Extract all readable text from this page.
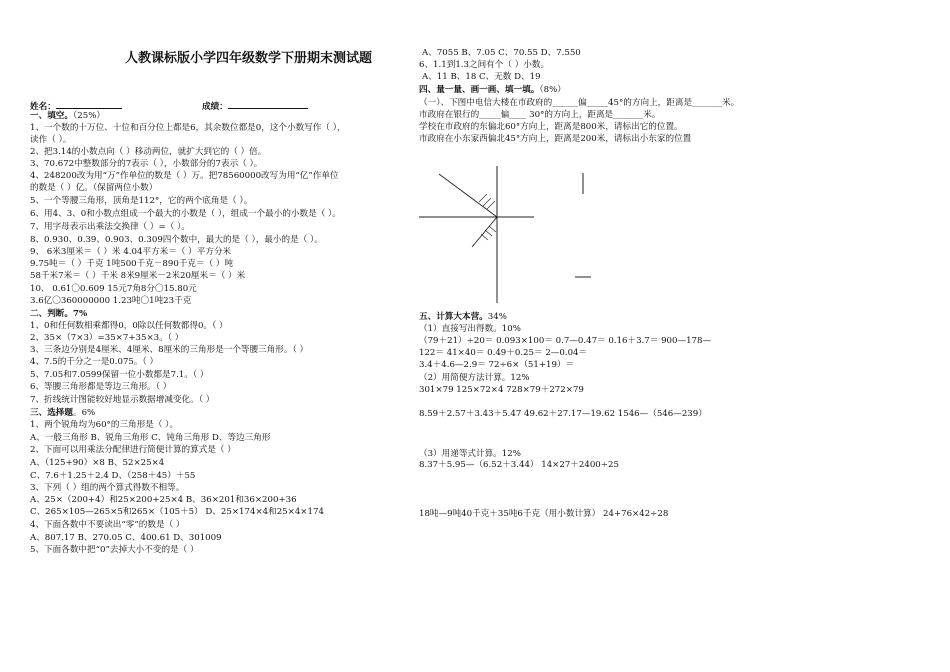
人教课标版小学四年级数学下册期末测试题
姓名：	成绩：
一、填空。（25%）
1、一个数的十万位、十位和百分位上都是6，其余数位都是0，这个小数写作（ ），
读作（ ）。
2、把3.14的小数点向（ ）移动两位，就扩大到它的（ ）倍。
3、70.672中整数部分的7表示（ ），小数部分的7表示（ ）。
4、248200改为用“万”作单位的数是（ ）万。把78560000改写为用“亿”作单位
的数是（ ）亿。（保留两位小数）
5、一个等腰三角形，顶角是112°，它的两个底角是（ ）。
6、用4、3、0和小数点组成一个最大的小数是（ ），组成一个最小的小数是（ ）。
7、用字母表示出乘法交换律（ ）=（ ）。
8、0.930、0.39、0.903、0.309四个数中，最大的是（ ），最小的是（ ）。
9、 6米3厘米＝（ ）米 4.04平方米＝（ ）平方分米
9.75吨＝（ ）千克 1吨500千克－890千克＝（ ）吨
58千米7米＝（ ）千米 8米9厘米－2米20厘米＝（ ）米
10、 0.61〇0.609 15元7角8分〇15.80元
3.6亿〇360000000 1.23吨〇1吨23千克
二、判断。7%
1、0和任何数相乘都得0，0除以任何数都得0。（ ）
2、35×（7×3）=35×7+35×3。（ ）
3、三条边分别是4厘米、4厘米、8厘米的三角形是一个等腰三角形。（ ）
4、7.5的千分之一是0.075。（ ）
5、7.05和7.0599保留一位小数都是7.1。（ ）
6、等腰三角形都是等边三角形。（ ）
7、折线统计图能较好地显示数据增减变化。（ ）
三、选择题。6%
1、两个锐角均为60°的三角形是（ ）。
A、一般三角形 B、锐角三角形 C、钝角三角形 D、等边三角形
2、下面可以用乘法分配律进行简便计算的算式是（ ）
A、（125+90）×8 B、52×25×4
C、7.6＋1.25＋2.4 D、（258＋45）＋55
3、下列（ ）组的两个算式得数不相等。
A、25×（200+4）和25×200+25×4 B、36×201和36×200+36
C、265×105—265×5和265×（105＋5） D、25×174×4和25×4×174
4、下面各数中不要读出“零”的数是（ ）
A、807.17 B、270.05 C、400.61 D、301009
5、下面各数中把“0”去掉大小不变的是（ ）
A、7055 B、7.05 C、70.55 D、7.550
6、1.1到1.3之间有个（ ）小数。
A、11 B、18 C、无数 D、19
四、量一量、画一画、填一填。（8%）
（一）、下图中电信大楼在市政府的______偏_____45°的方向上，距离是_______米。
市政府在银行的_____偏____ 30°的方向上，距离是_______米。
学校在市政府的东偏北60°方向上，距离是800米，请标出它的位置。
市政府在小东家西偏北45°方向上，距离是200米，请标出小东家的位置
五、计算大本营。34%
（1）直接写出得数。10%
（79＋21）÷20＝ 0.093×100＝ 0.7—0.47＝ 0.16＋3.7＝ 900—178—
122＝ 41×40＝ 0.49＋0.25＝ 2—0.04＝
3.4＋4.6—2.9＝ 72÷6×（51+19）＝
（2）用简便方法计算。12%
301×79 125×72×4 728×79＋272×79
8.59＋2.57＋3.43＋5.47 49.62＋27.17—19.62 1546—（546—239）
（3）用递等式计算。12%
8.37＋5.95—（6.52＋3.44） 14×27＋2400÷25
18吨—9吨40千克＋35吨6千克（用小数计算） 24+76×42÷28
